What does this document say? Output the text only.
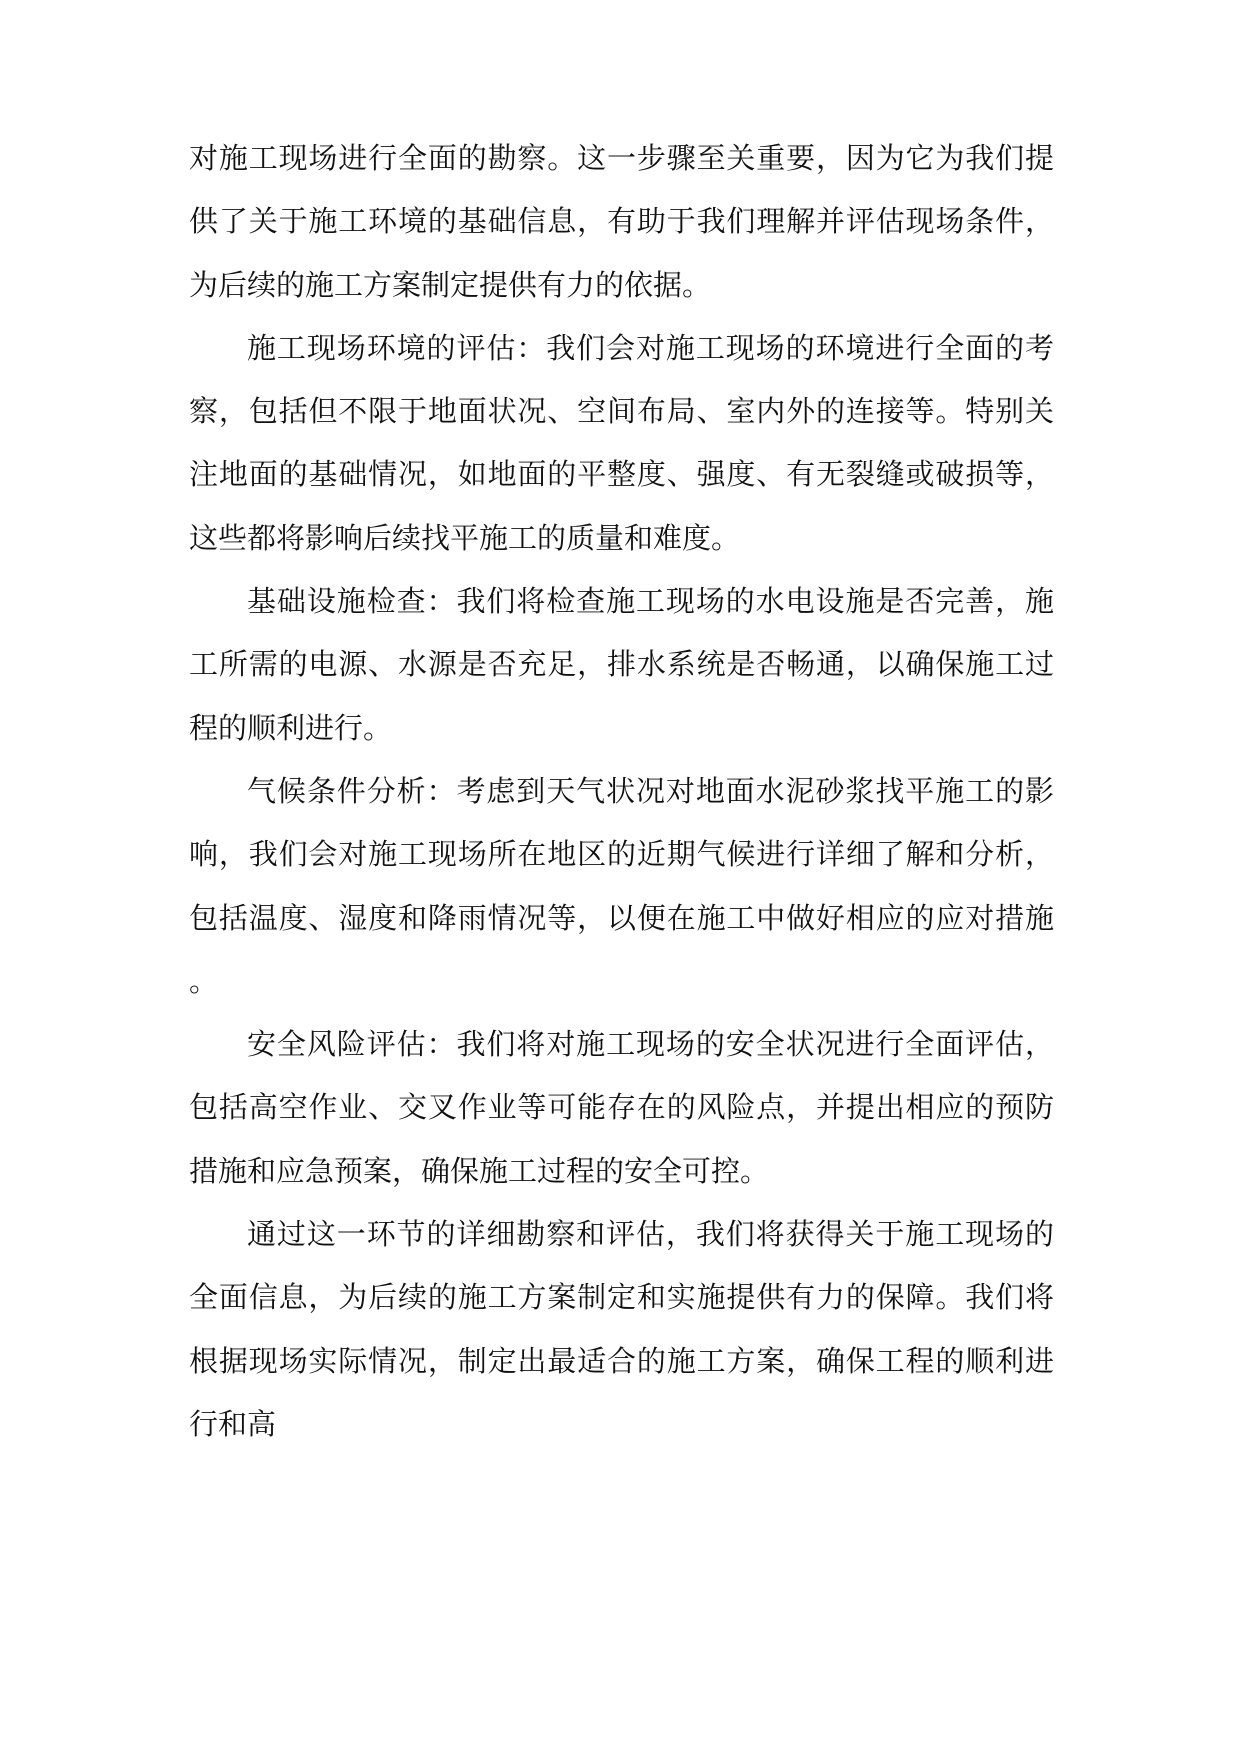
对施工现场进行全面的勘察。这一步骤至关重要，因为它为我们提供了关于施工环境的基础信息，有助于我们理解并评估现场条件，为后续的施工方案制定提供有力的依据。

施工现场环境的评估：我们会对施工现场的环境进行全面的考察，包括但不限于地面状况、空间布局、室内外的连接等。特别关注地面的基础情况，如地面的平整度、强度、有无裂缝或破损等，这些都将影响后续找平施工的质量和难度。

基础设施检查：我们将检查施工现场的水电设施是否完善，施工所需的电源、水源是否充足，排水系统是否畅通，以确保施工过程的顺利进行。

气候条件分析：考虑到天气状况对地面水泥砂浆找平施工的影响，我们会对施工现场所在地区的近期气候进行详细了解和分析，包括温度、湿度和降雨情况等，以便在施工中做好相应的应对措施。

安全风险评估：我们将对施工现场的安全状况进行全面评估，包括高空作业、交叉作业等可能存在的风险点，并提出相应的预防措施和应急预案，确保施工过程的安全可控。

通过这一环节的详细勘察和评估，我们将获得关于施工现场的全面信息，为后续的施工方案制定和实施提供有力的保障。我们将根据现场实际情况，制定出最适合的施工方案，确保工程的顺利进行和高
